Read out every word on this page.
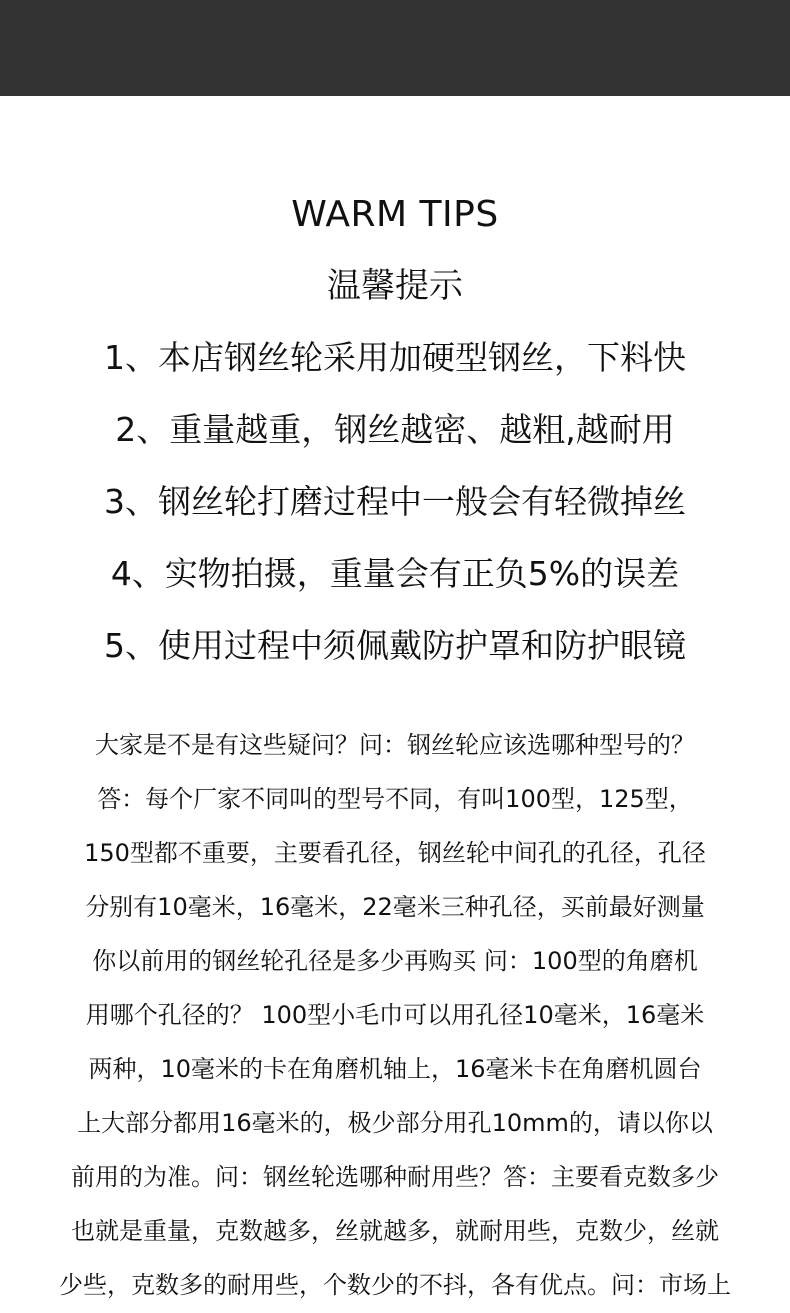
WARM TIPS
温馨提示
1、本店钢丝轮采用加硬型钢丝，下料快
2、重量越重，钢丝越密、越粗,越耐用
3、钢丝轮打磨过程中一般会有轻微掉丝
4、实物拍摄，重量会有正负5%的误差
5、使用过程中须佩戴防护罩和防护眼镜
大家是不是有这些疑问？问：钢丝轮应该选哪种型号的？
答：每个厂家不同叫的型号不同，有叫100型，125型，
150型都不重要，主要看孔径，钢丝轮中间孔的孔径，孔径
分别有10毫米，16毫米，22毫米三种孔径，买前最好测量
你以前用的钢丝轮孔径是多少再购买 问：100型的角磨机
用哪个孔径的？ 100型小毛巾可以用孔径10毫米，16毫米
两种，10毫米的卡在角磨机轴上，16毫米卡在角磨机圆台
上大部分都用16毫米的，极少部分用孔10mm的，请以你以
前用的为准。问：钢丝轮选哪种耐用些？答：主要看克数多少
也就是重量，克数越多，丝就越多，就耐用些，克数少，丝就
少些，克数多的耐用些，个数少的不抖，各有优点。问：市场上
